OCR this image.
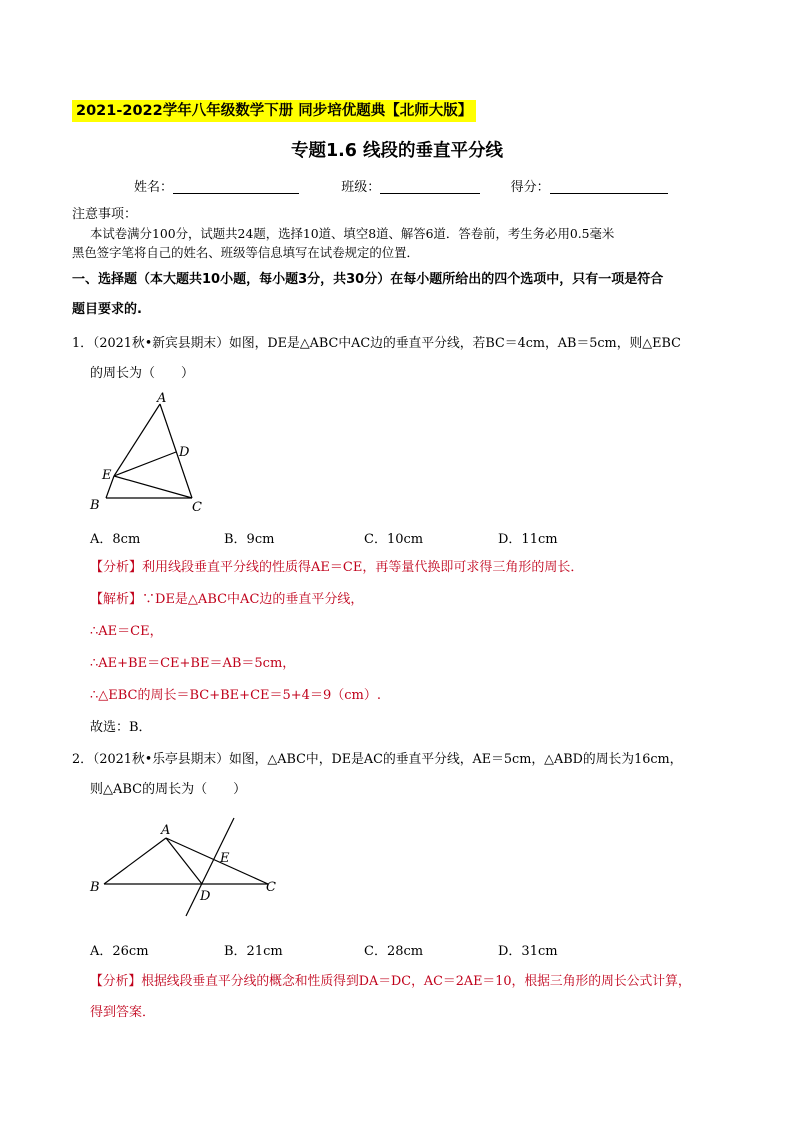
2021-2022学年八年级数学下册 同步培优题典【北师大版】
专题1.6 线段的垂直平分线
姓名：	班级：	得分：
注意事项：
本试卷满分100分，试题共24题，选择10道、填空8道、解答6道．答卷前，考生务必用0.5毫米
黑色签字笔将自己的姓名、班级等信息填写在试卷规定的位置．
一、选择题（本大题共10小题，每小题3分，共30分）在每小题所给出的四个选项中，只有一项是符合
题目要求的.
1．（2021秋•新宾县期末）如图，DE是△ABC中AC边的垂直平分线，若BC＝4cm，AB＝5cm，则△EBC
的周长为（　　）
A
D
E
B	C
A．8cm	B．9cm	C．10cm	D．11cm
【分析】利用线段垂直平分线的性质得AE＝CE，再等量代换即可求得三角形的周长．
【解析】∵DE是△ABC中AC边的垂直平分线，
∴AE＝CE，
∴AE+BE＝CE+BE＝AB＝5cm，
∴△EBC的周长＝BC+BE+CE＝5+4＝9（cm）.
故选：B．
2．（2021秋•乐亭县期末）如图，△ABC中，DE是AC的垂直平分线，AE＝5cm，△ABD的周长为16cm，
则△ABC的周长为（　　）
A
E
B	C
D
A．26cm	B．21cm	C．28cm	D．31cm
【分析】根据线段垂直平分线的概念和性质得到DA＝DC，AC＝2AE＝10，根据三角形的周长公式计算，
得到答案．
